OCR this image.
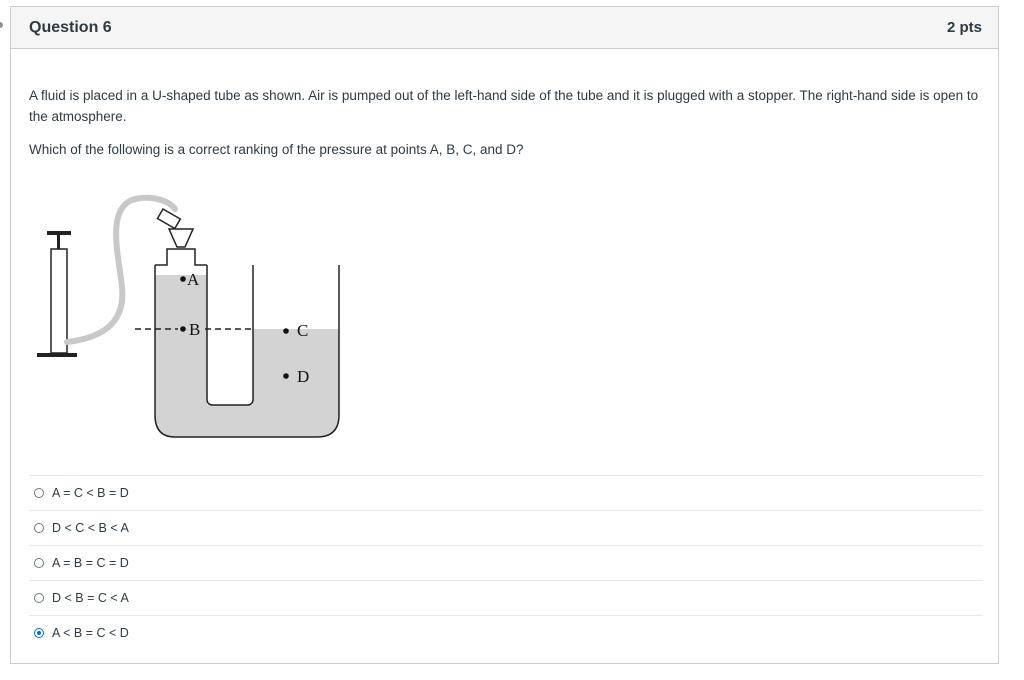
Question 6	2 pts

A fluid is placed in a U-shaped tube as shown. Air is pumped out of the left-hand side of the tube and it is plugged with a stopper. The right-hand side is open to the atmosphere.

Which of the following is a correct ranking of the pressure at points A, B, C, and D?

A
B	C
D
A = C < B = D
D < C < B < A
A = B = C = D
D < B = C < A
A < B = C < D
